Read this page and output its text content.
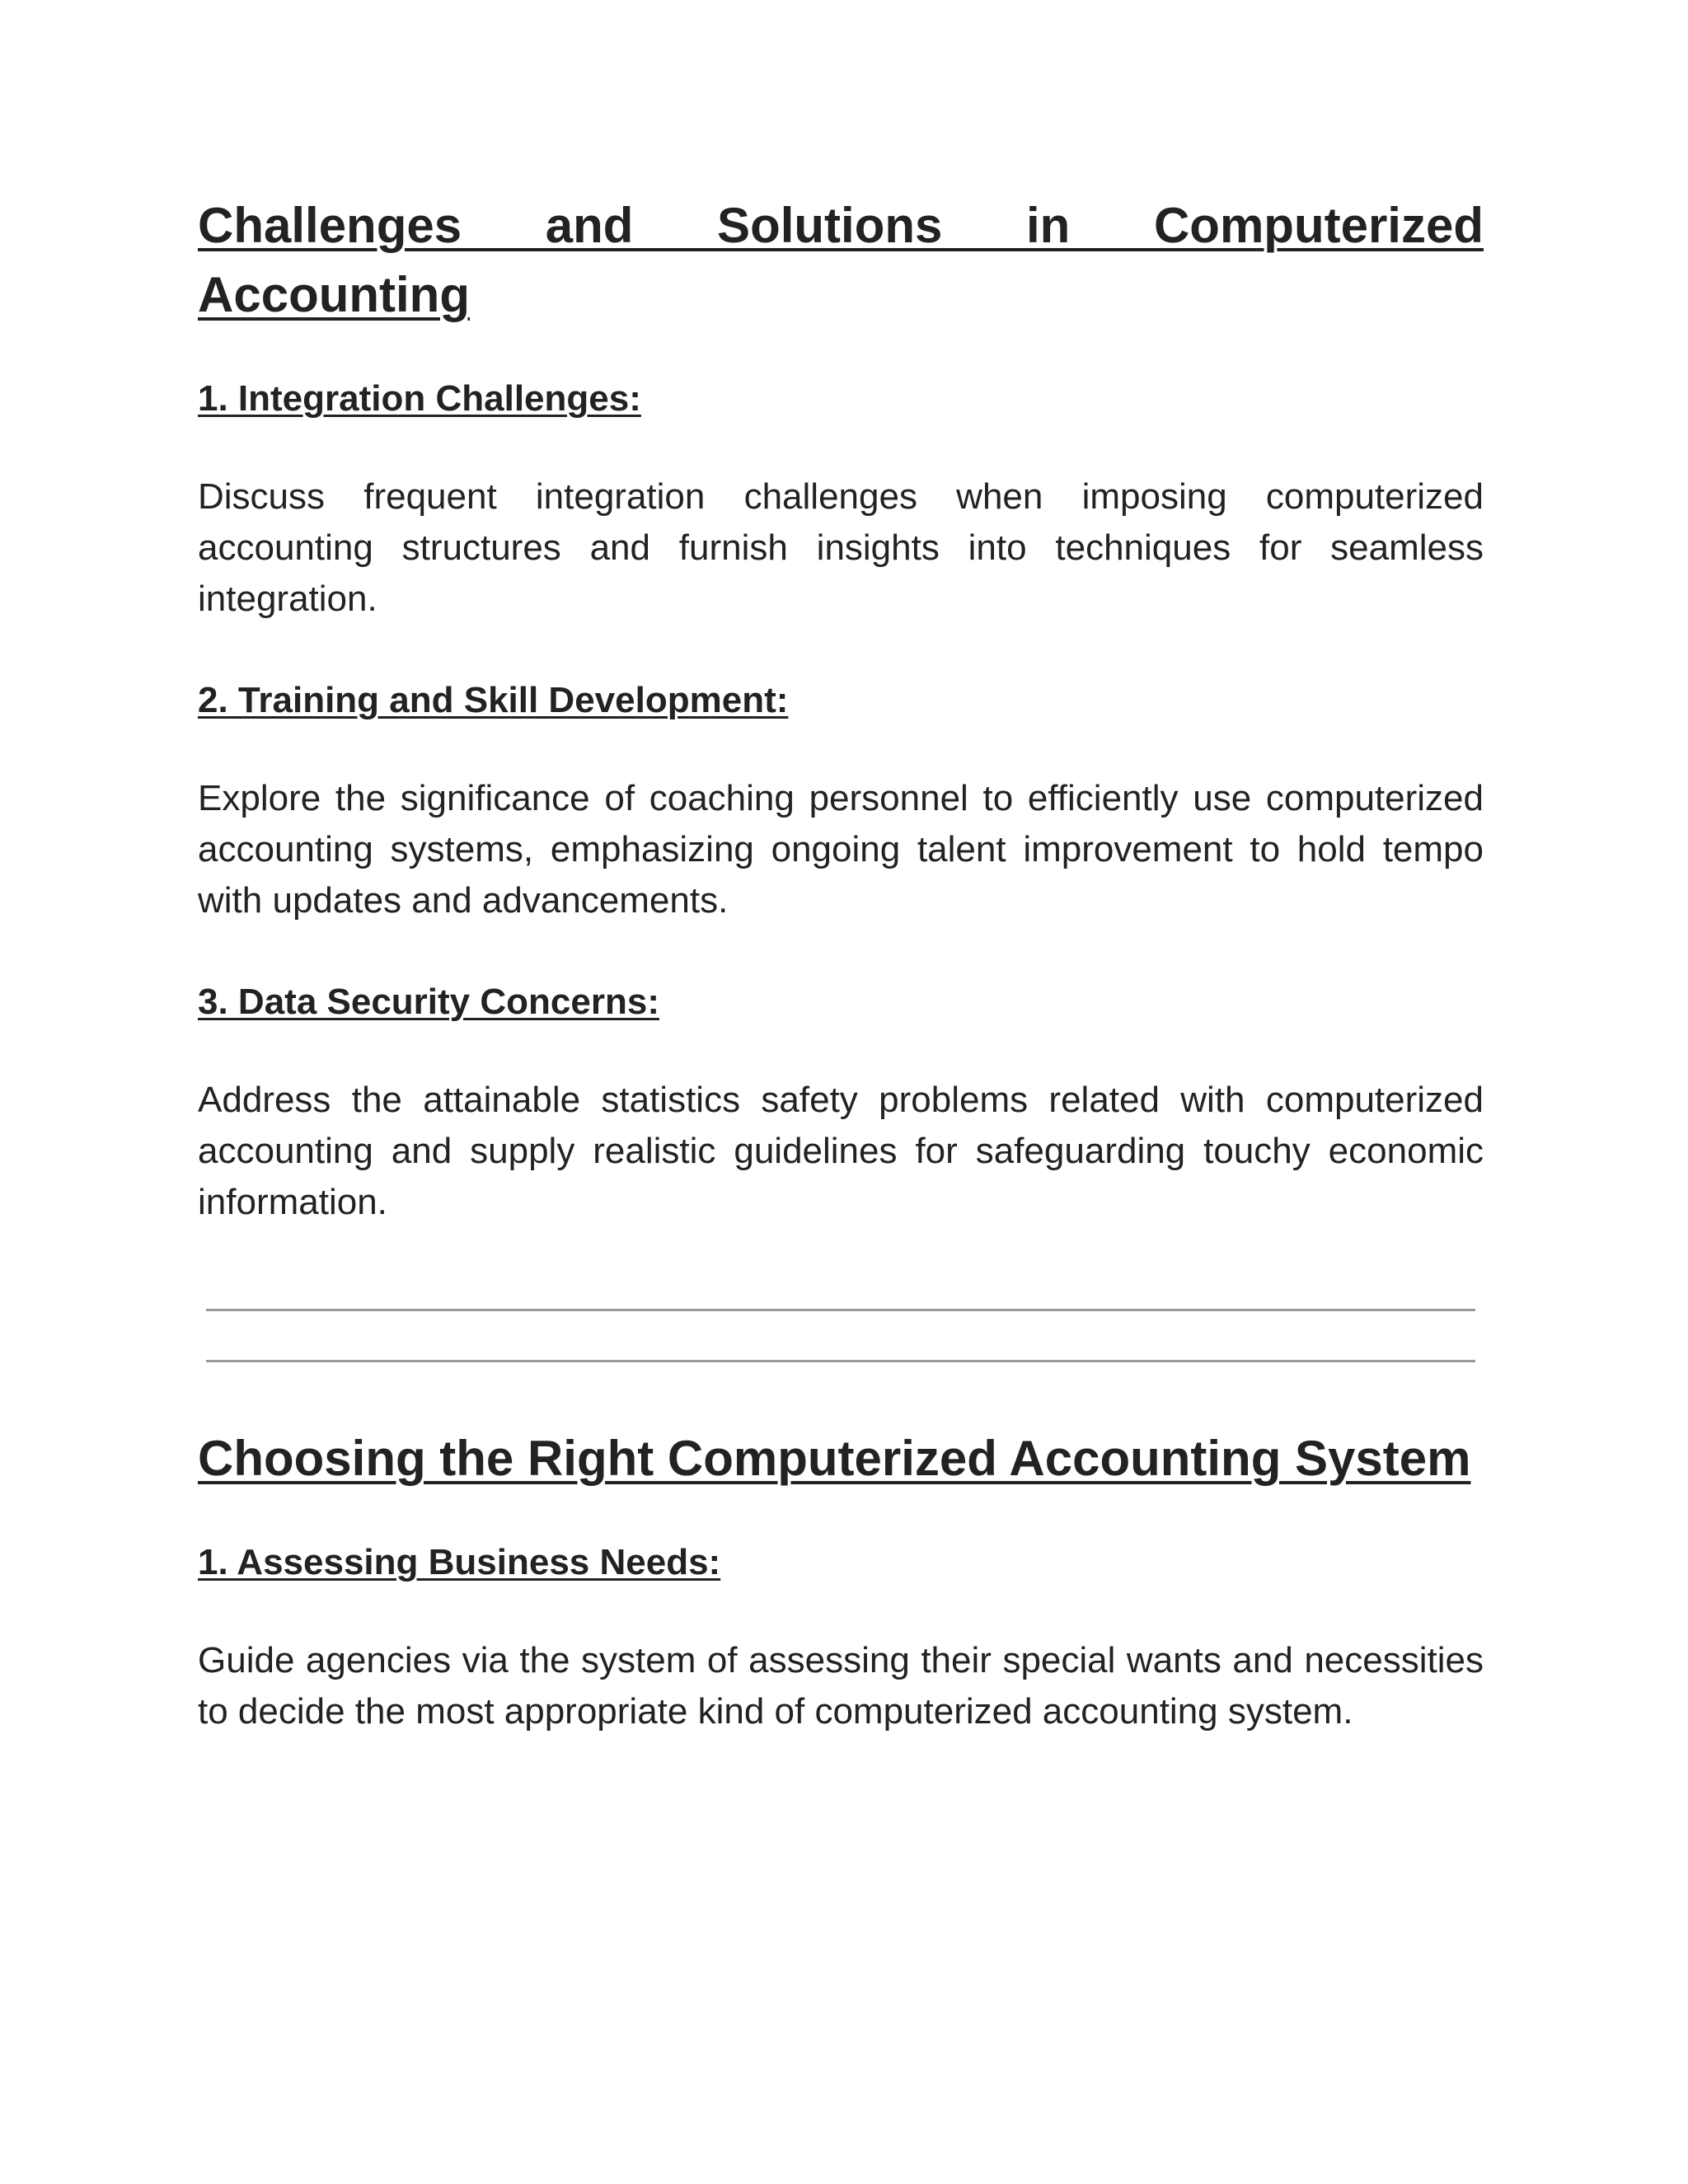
Challenges and Solutions in Computerized Accounting
1. Integration Challenges:

Discuss frequent integration challenges when imposing computerized accounting structures and furnish insights into techniques for seamless integration.

2. Training and Skill Development:

Explore the significance of coaching personnel to efficiently use computerized accounting systems, emphasizing ongoing talent improvement to hold tempo with updates and advancements.

3. Data Security Concerns:

Address the attainable statistics safety problems related with computerized accounting and supply realistic guidelines for safeguarding touchy economic information.

Choosing the Right Computerized Accounting System
1. Assessing Business Needs:

Guide agencies via the system of assessing their special wants and necessities to decide the most appropriate kind of computerized accounting system.
